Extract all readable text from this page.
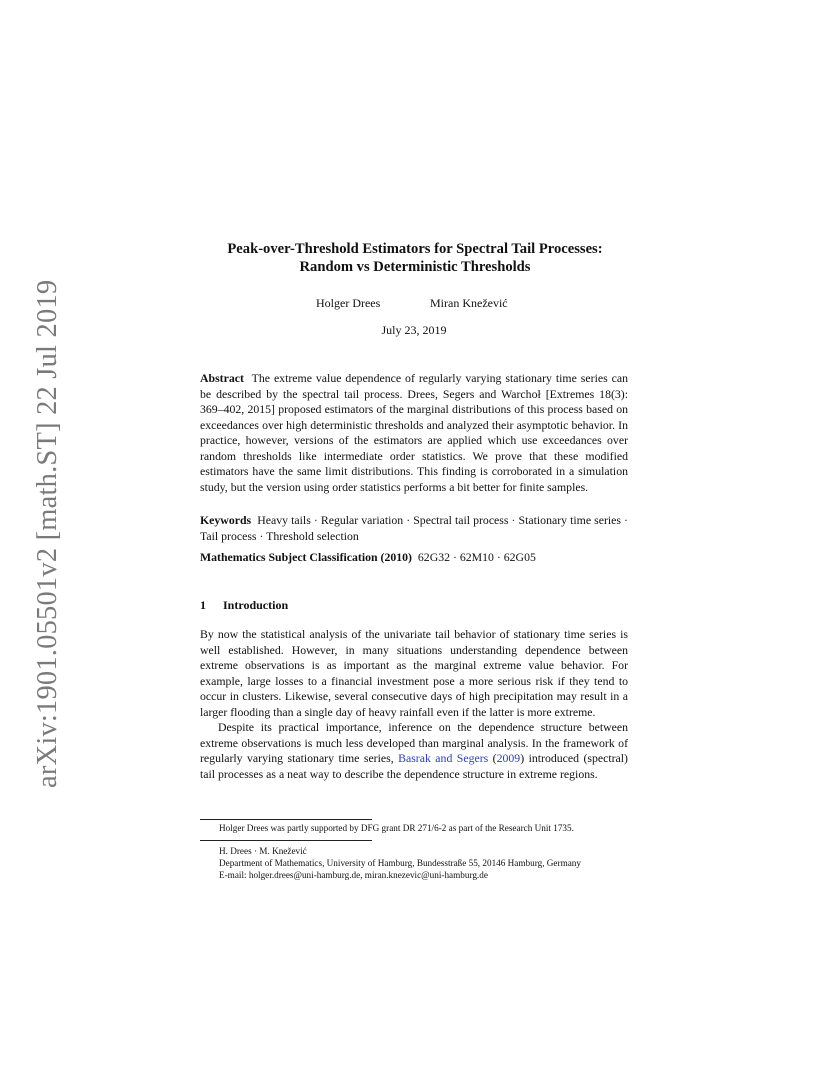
arXiv:1901.05501v2 [math.ST] 22 Jul 2019
Peak-over-Threshold Estimators for Spectral Tail Processes:
Random vs Deterministic Thresholds
Holger Drees	Miran Knežević
July 23, 2019
Abstract The extreme value dependence of regularly varying stationary time series can be described by the spectral tail process. Drees, Segers and Warchoł [Extremes 18(3): 369–402, 2015] proposed estimators of the marginal distributions of this process based on exceedances over high deterministic thresholds and analyzed their asymptotic behavior. In practice, however, versions of the estimators are applied which use exceedances over random thresholds like intermediate order statistics. We prove that these modified estimators have the same limit distributions. This finding is corroborated in a simulation study, but the version using order statistics performs a bit better for finite samples.
Keywords Heavy tails · Regular variation · Spectral tail process · Stationary time series · Tail process · Threshold selection
Mathematics Subject Classification (2010) 62G32 · 62M10 · 62G05
1 Introduction

By now the statistical analysis of the univariate tail behavior of stationary time series is well established. However, in many situations understanding dependence between extreme observations is as important as the marginal extreme value behavior. For example, large losses to a financial investment pose a more serious risk if they tend to occur in clusters. Likewise, several consecutive days of high precipitation may result in a larger flooding than a single day of heavy rainfall even if the latter is more extreme.

Despite its practical importance, inference on the dependence structure between extreme observations is much less developed than marginal analysis. In the framework of regularly varying stationary time series, Basrak and Segers (2009) introduced (spectral) tail processes as a neat way to describe the dependence structure in extreme regions.

Holger Drees was partly supported by DFG grant DR 271/6-2 as part of the Research Unit 1735.
H. Drees · M. Knežević
Department of Mathematics, University of Hamburg, Bundesstraße 55, 20146 Hamburg, Germany
E-mail: holger.drees@uni-hamburg.de, miran.knezevic@uni-hamburg.de
